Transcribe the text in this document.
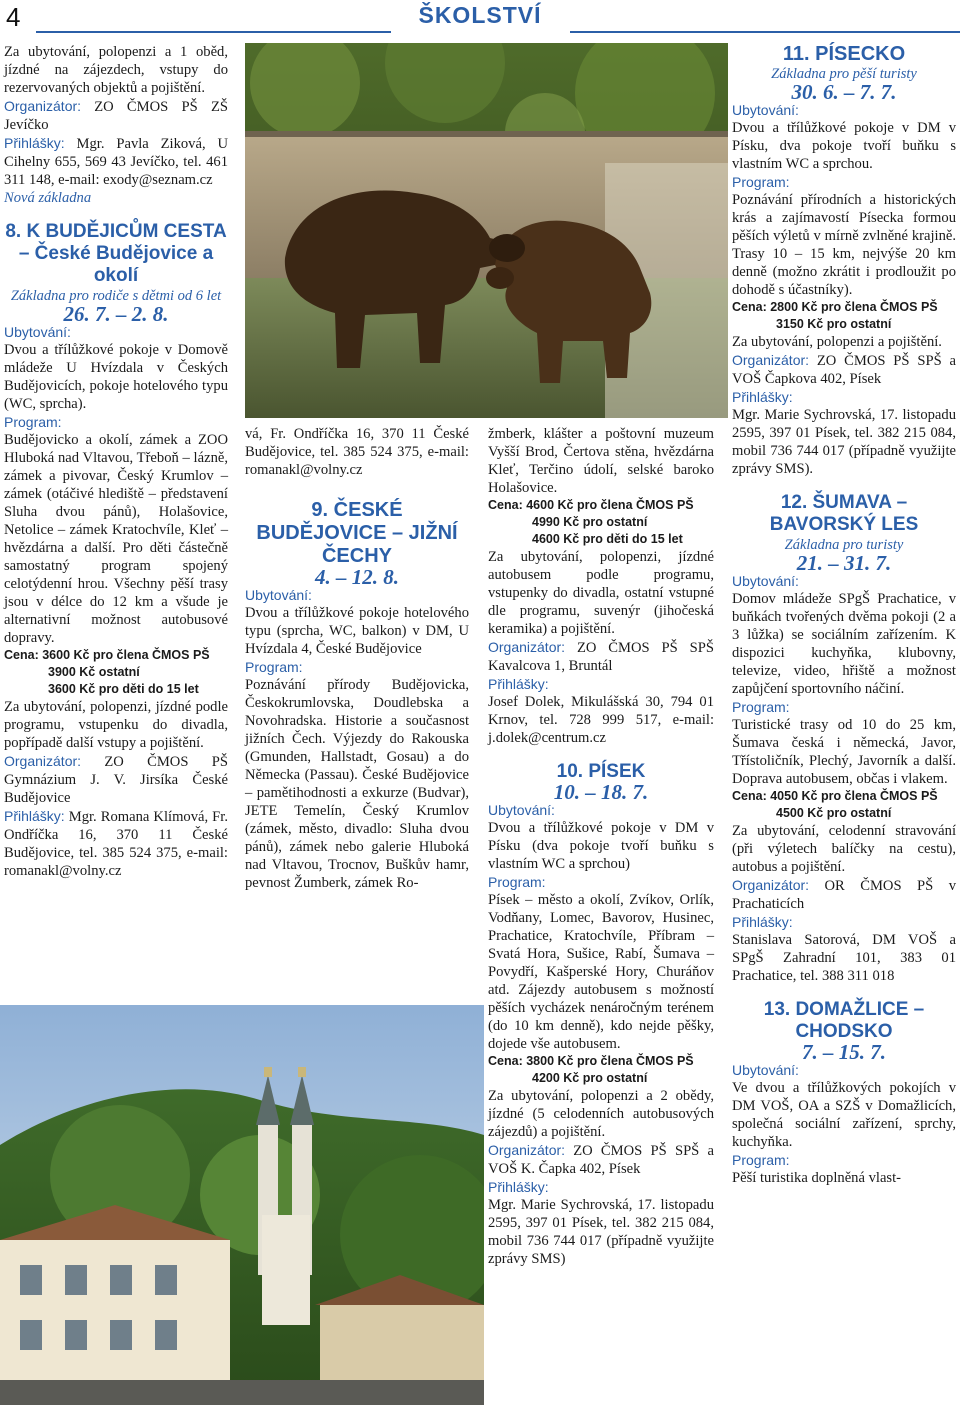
4	ŠKOLSTVÍ

Za ubytování, polopenzi a 1 oběd, jízdné na zájezdech, vstupy do rezervovaných objektů a pojištění.

Organizátor: ZO ČMOS PŠ ZŠ Jevíčko

Přihlášky: Mgr. Pavla Ziková, U Cihelny 655, 569 43 Jevíčko, tel. 461 311 148, e-mail: exody@seznam.cz

Nová základna

8. K BUDĚJICŮM CESTA – České Budějovice a okolí

Základna pro rodiče s dětmi od 6 let

26. 7. – 2. 8.

Ubytování:

Dvou a třílůžkové pokoje v Domově mládeže U Hvízdala v Českých Budějovicích, pokoje hotelového typu (WC, sprcha).

Program:

Budějovicko a okolí, zámek a ZOO Hluboká nad Vltavou, Třeboň – lázně, zámek a pivovar, Český Krumlov – zámek (otáčivé hlediště – představení Sluha dvou pánů), Holašovice, Netolice – zámek Kratochvíle, Kleť – hvězdárna a další. Pro děti částečně samostatný program spojený celotýdenní hrou. Všechny pěší trasy jsou v délce do 12 km a všude je alternativní možnost autobusové dopravy.

Cena: 3600 Kč pro člena ČMOS PŠ
3900 Kč ostatní
3600 Kč pro děti do 15 let

Za ubytování, polopenzi, jízdné podle programu, vstupenku do divadla, popřípadě další vstupy a pojištění.

Organizátor: ZO ČMOS PŠ Gymnázium J. V. Jirsíka České Budějovice

Přihlášky: Mgr. Romana Klímová, Fr. Ondříčka 16, 370 11 České Budějovice, tel. 385 524 375, e-mail: romanakl@volny.cz

vá, Fr. Ondříčka 16, 370 11 České Budějovice, tel. 385 524 375, e-mail: romanakl@volny.cz

9. ČESKÉ BUDĚJOVICE – JIŽNÍ ČECHY

4. – 12. 8.

Ubytování:

Dvou a třílůžkové pokoje hotelového typu (sprcha, WC, balkon) v DM, U Hvízdala 4, České Budějovice

Program:

Poznávání přírody Budějovicka, Českokrumlovska, Doudlebska a Novohradska. Historie a současnost jižních Čech. Výjezdy do Rakouska (Gmunden, Hallstadt, Gosau) a do Německa (Passau). České Budějovice – pamětihodnosti a exkurze (Budvar), JETE Temelín, Český Krumlov (zámek, město, divadlo: Sluha dvou pánů), zámek nebo galerie Hluboká nad Vltavou, Trocnov, Buškův hamr, pevnost Žumberk, zámek Ro-

žmberk, klášter a poštovní muzeum Vyšší Brod, Čertova stěna, hvězdárna Kleť, Terčino údolí, selské baroko Holašovice.

Cena: 4600 Kč pro člena ČMOS PŠ
4990 Kč pro ostatní
4600 Kč pro děti do 15 let

Za ubytování, polopenzi, jízdné autobusem podle programu, vstupenky do divadla, ostatní vstupné dle programu, suvenýr (jihočeská keramika) a pojištění.

Organizátor: ZO ČMOS PŠ SPŠ Kavalcova 1, Bruntál

Přihlášky:

Josef Dolek, Mikulášská 30, 794 01 Krnov, tel. 728 999 517, e-mail: j.dolek@centrum.cz

10. PÍSEK

10. – 18. 7.

Ubytování:

Dvou a třílůžkové pokoje v DM v Písku (dva pokoje tvoří buňku s vlastním WC a sprchou)

Program:

Písek – město a okolí, Zvíkov, Orlík, Vodňany, Lomec, Bavorov, Husinec, Prachatice, Kratochvíle, Příbram – Svatá Hora, Sušice, Rabí, Šumava – Povydří, Kašperské Hory, Churáňov atd. Zájezdy autobusem s možností pěších vycházek nenáročným terénem (do 10 km denně), kdo nejde pěšky, dojede vše autobusem.

Cena: 3800 Kč pro člena ČMOS PŠ
4200 Kč pro ostatní

Za ubytování, polopenzi a 2 obědy, jízdné (5 celodenních autobusových zájezdů) a pojištění.

Organizátor: ZO ČMOS PŠ SPŠ a VOŠ K. Čapka 402, Písek

Přihlášky:

Mgr. Marie Sychrovská, 17. listopadu 2595, 397 01 Písek, tel. 382 215 084, mobil 736 744 017 (případně využijte zprávy SMS)

11. PÍSECKO

Základna pro pěší turisty

30. 6. – 7. 7.

Ubytování:

Dvou a třílůžkové pokoje v DM v Písku, dva pokoje tvoří buňku s vlastním WC a sprchou.

Program:

Poznávání přírodních a historických krás a zajímavostí Písecka formou pěších výletů v mírně zvlněné krajině. Trasy 10 – 15 km, nejvýše 20 km denně (možno zkrátit i prodloužit po dohodě s účastníky).

Cena: 2800 Kč pro člena ČMOS PŠ
3150 Kč pro ostatní

Za ubytování, polopenzi a pojištění.

Organizátor: ZO ČMOS PŠ SPŠ a VOŠ Čapkova 402, Písek

Přihlášky:

Mgr. Marie Sychrovská, 17. listopadu 2595, 397 01 Písek, tel. 382 215 084, mobil 736 744 017 (případně využijte zprávy SMS).

12. ŠUMAVA – BAVORSKÝ LES

Základna pro turisty

21. – 31. 7.

Ubytování:

Domov mládeže SPgŠ Prachatice, v buňkách tvořených dvěma pokoji (2 a 3 lůžka) se sociálním zařízením. K dispozici kuchyňka, klubovny, televize, video, hřiště a možnost zapůjčení sportovního náčiní.

Program:

Turistické trasy od 10 do 25 km, Šumava česká i německá, Javor, Třístoličník, Plechý, Javorník a další. Doprava autobusem, občas i vlakem.

Cena: 4050 Kč pro člena ČMOS PŠ
4500 Kč pro ostatní

Za ubytování, celodenní stravování (při výletech balíčky na cestu), autobus a pojištění.

Organizátor: OR ČMOS PŠ v Prachaticích

Přihlášky:

Stanislava Satorová, DM VOŠ a SPgŠ Zahradní 101, 383 01 Prachatice, tel. 388 311 018

13. DOMAŽLICE – CHODSKO

7. – 15. 7.

Ubytování:

Ve dvou a třílůžkových pokojích v DM VOŠ, OA a SZŠ v Domažlicích, společná sociální zařízení, sprchy, kuchyňka.

Program:

Pěší turistika doplněná vlast-
